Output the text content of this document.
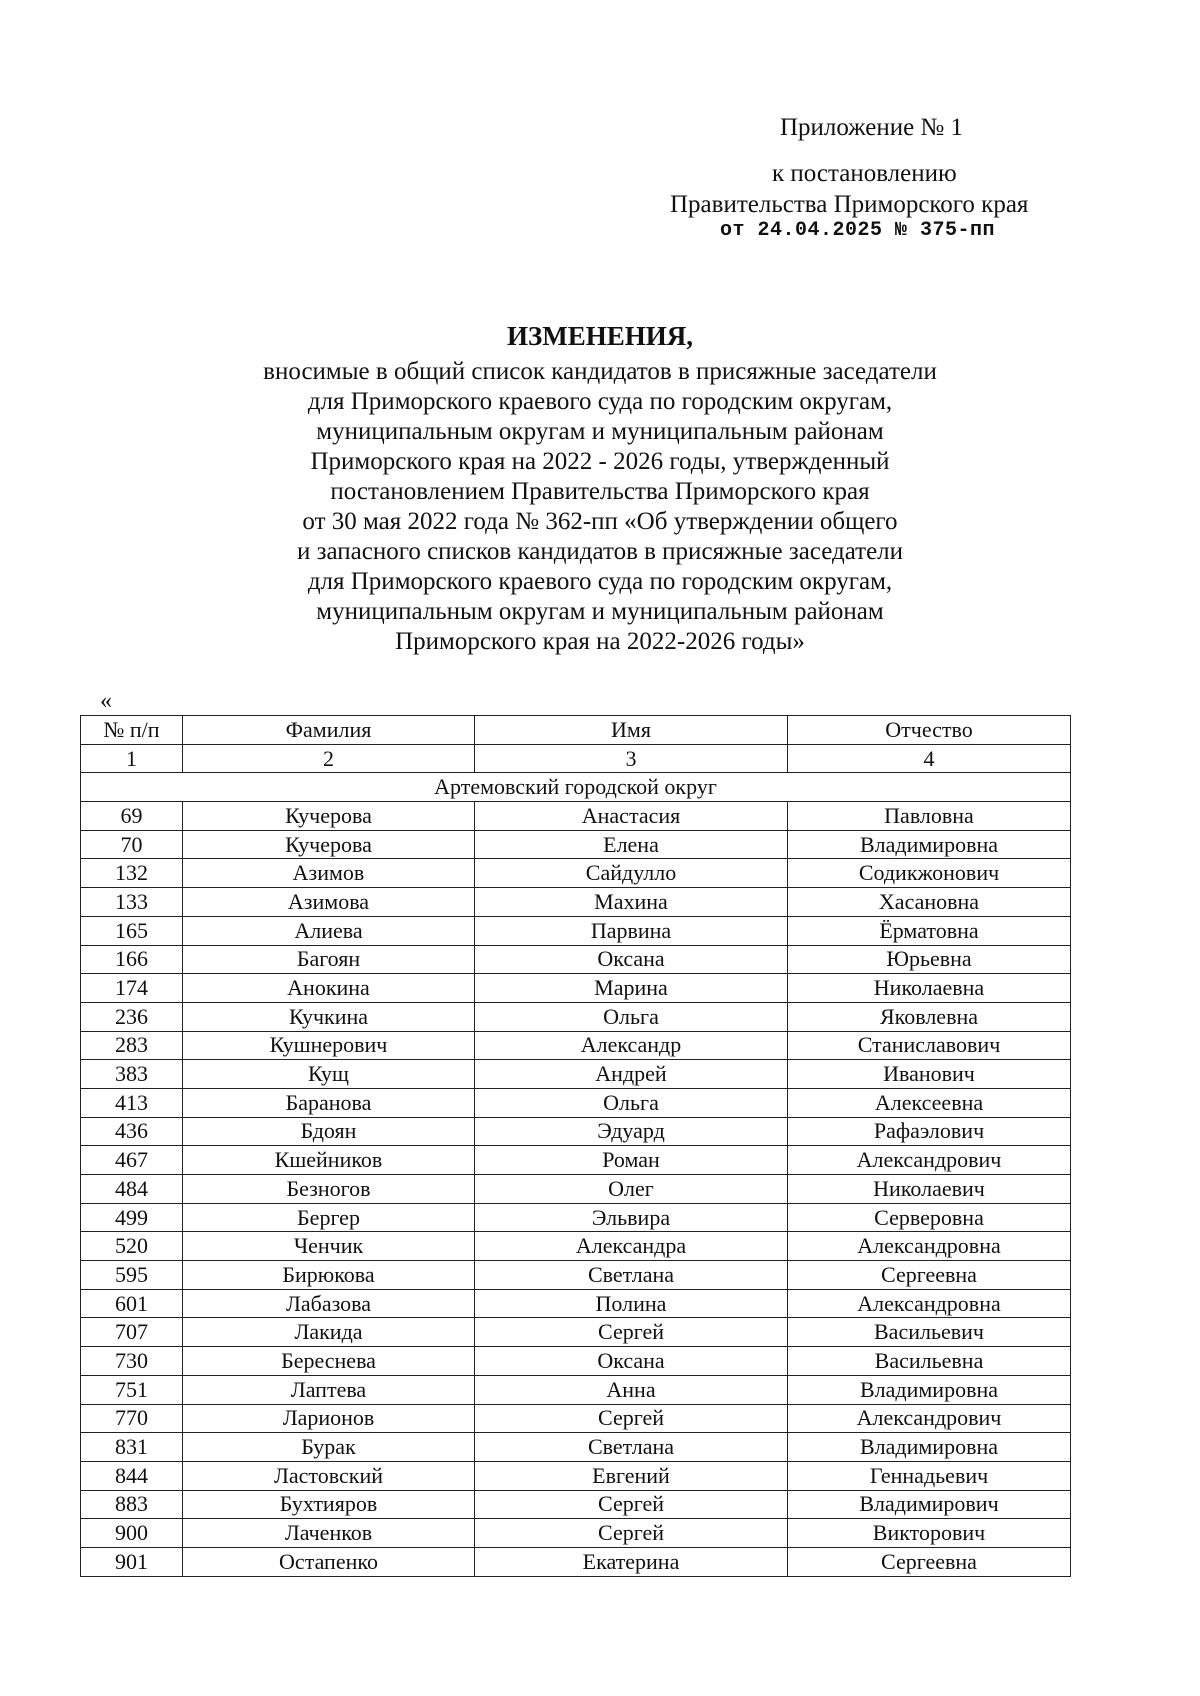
Приложение № 1
к постановлению
Правительства Приморского края
от 24.04.2025 № 375-пп
ИЗМЕНЕНИЯ,
вносимые в общий список кандидатов в присяжные заседатели
для Приморского краевого суда по городским округам,
муниципальным округам и муниципальным районам
Приморского края на 2022 - 2026 годы, утвержденный
постановлением Правительства Приморского края
от 30 мая 2022 года № 362-пп «Об утверждении общего
и запасного списков кандидатов в присяжные заседатели
для Приморского краевого суда по городским округам,
муниципальным округам и муниципальным районам
Приморского края на 2022-2026 годы»
«
№ п/п	Фамилия	Имя	Отчество
1	2	3	4
Артемовский городской округ			
69	Кучерова	Анастасия	Павловна
70	Кучерова	Елена	Владимировна
132	Азимов	Сайдулло	Содикжонович
133	Азимова	Махина	Хасановна
165	Алиева	Парвина	Ёрматовна
166	Багоян	Оксана	Юрьевна
174	Анокина	Марина	Николаевна
236	Кучкина	Ольга	Яковлевна
283	Кушнерович	Александр	Станиславович
383	Кущ	Андрей	Иванович
413	Баранова	Ольга	Алексеевна
436	Бдоян	Эдуард	Рафаэлович
467	Кшейников	Роман	Александрович
484	Безногов	Олег	Николаевич
499	Бергер	Эльвира	Серверовна
520	Ченчик	Александра	Александровна
595	Бирюкова	Светлана	Сергеевна
601	Лабазова	Полина	Александровна
707	Лакида	Сергей	Васильевич
730	Береснева	Оксана	Васильевна
751	Лаптева	Анна	Владимировна
770	Ларионов	Сергей	Александрович
831	Бурак	Светлана	Владимировна
844	Ластовский	Евгений	Геннадьевич
883	Бухтияров	Сергей	Владимирович
900	Лаченков	Сергей	Викторович
901	Остапенко	Екатерина	Сергеевна
